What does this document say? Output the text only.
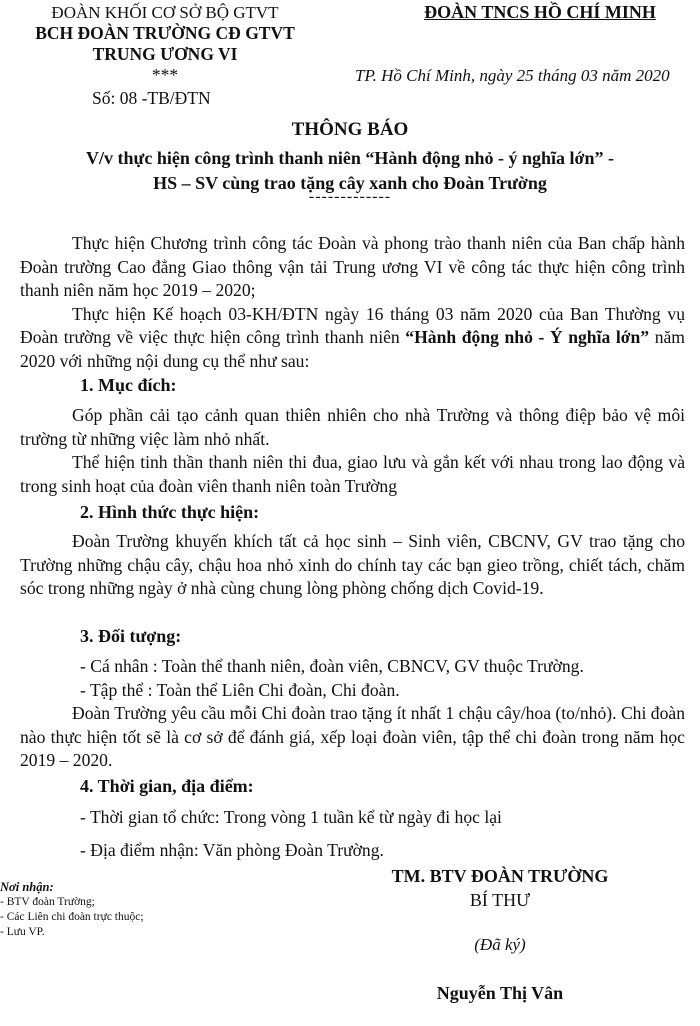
ĐOÀN KHỐI CƠ SỞ BỘ GTVT
BCH ĐOÀN TRƯỜNG CĐ GTVT
TRUNG ƯƠNG VI
***
Số: 08 -TB/ĐTN
ĐOÀN TNCS HỒ CHÍ MINH
TP. Hồ Chí Minh, ngày 25 tháng 03 năm 2020
THÔNG BÁO
V/v thực hiện công trình thanh niên “Hành động nhỏ - ý nghĩa lớn” -
HS – SV cùng trao tặng cây xanh cho Đoàn Trường
-------------

Thực hiện Chương trình công tác Đoàn và phong trào thanh niên của Ban chấp hành Đoàn trường Cao đẳng Giao thông vận tải Trung ương VI về công tác thực hiện công trình thanh niên năm học 2019 – 2020;

Thực hiện Kế hoạch 03-KH/ĐTN ngày 16 tháng 03 năm 2020 của Ban Thường vụ Đoàn trường về việc thực hiện công trình thanh niên “Hành động nhỏ - Ý nghĩa lớn” năm 2020 với những nội dung cụ thể như sau:

1. Mục đích:

Góp phần cải tạo cảnh quan thiên nhiên cho nhà Trường và thông điệp bảo vệ môi trường từ những việc làm nhỏ nhất.

Thể hiện tinh thần thanh niên thi đua, giao lưu và gắn kết với nhau trong lao động và trong sinh hoạt của đoàn viên thanh niên toàn Trường

2. Hình thức thực hiện:

Đoàn Trường khuyến khích tất cả học sinh – Sinh viên, CBCNV, GV trao tặng cho Trường những chậu cây, chậu hoa nhỏ xinh do chính tay các bạn gieo trồng, chiết tách, chăm sóc trong những ngày ở nhà cùng chung lòng phòng chống dịch Covid-19.

3. Đối tượng:
- Cá nhân : Toàn thể thanh niên, đoàn viên, CBNCV, GV thuộc Trường.
- Tập thể : Toàn thể Liên Chi đoàn, Chi đoàn.

Đoàn Trường yêu cầu mỗi Chi đoàn trao tặng ít nhất 1 chậu cây/hoa (to/nhỏ). Chi đoàn nào thực hiện tốt sẽ là cơ sở để đánh giá, xếp loại đoàn viên, tập thể chi đoàn trong năm học 2019 – 2020.

4. Thời gian, địa điểm:
- Thời gian tổ chức: Trong vòng 1 tuần kể từ ngày đi học lại
- Địa điểm nhận: Văn phòng Đoàn Trường.
Nơi nhận:
- BTV đoàn Trường;
- Các Liên chi đoàn trực thuộc;
- Lưu VP.
TM. BTV ĐOÀN TRƯỜNG
BÍ THƯ
(Đã ký)
Nguyễn Thị Vân
